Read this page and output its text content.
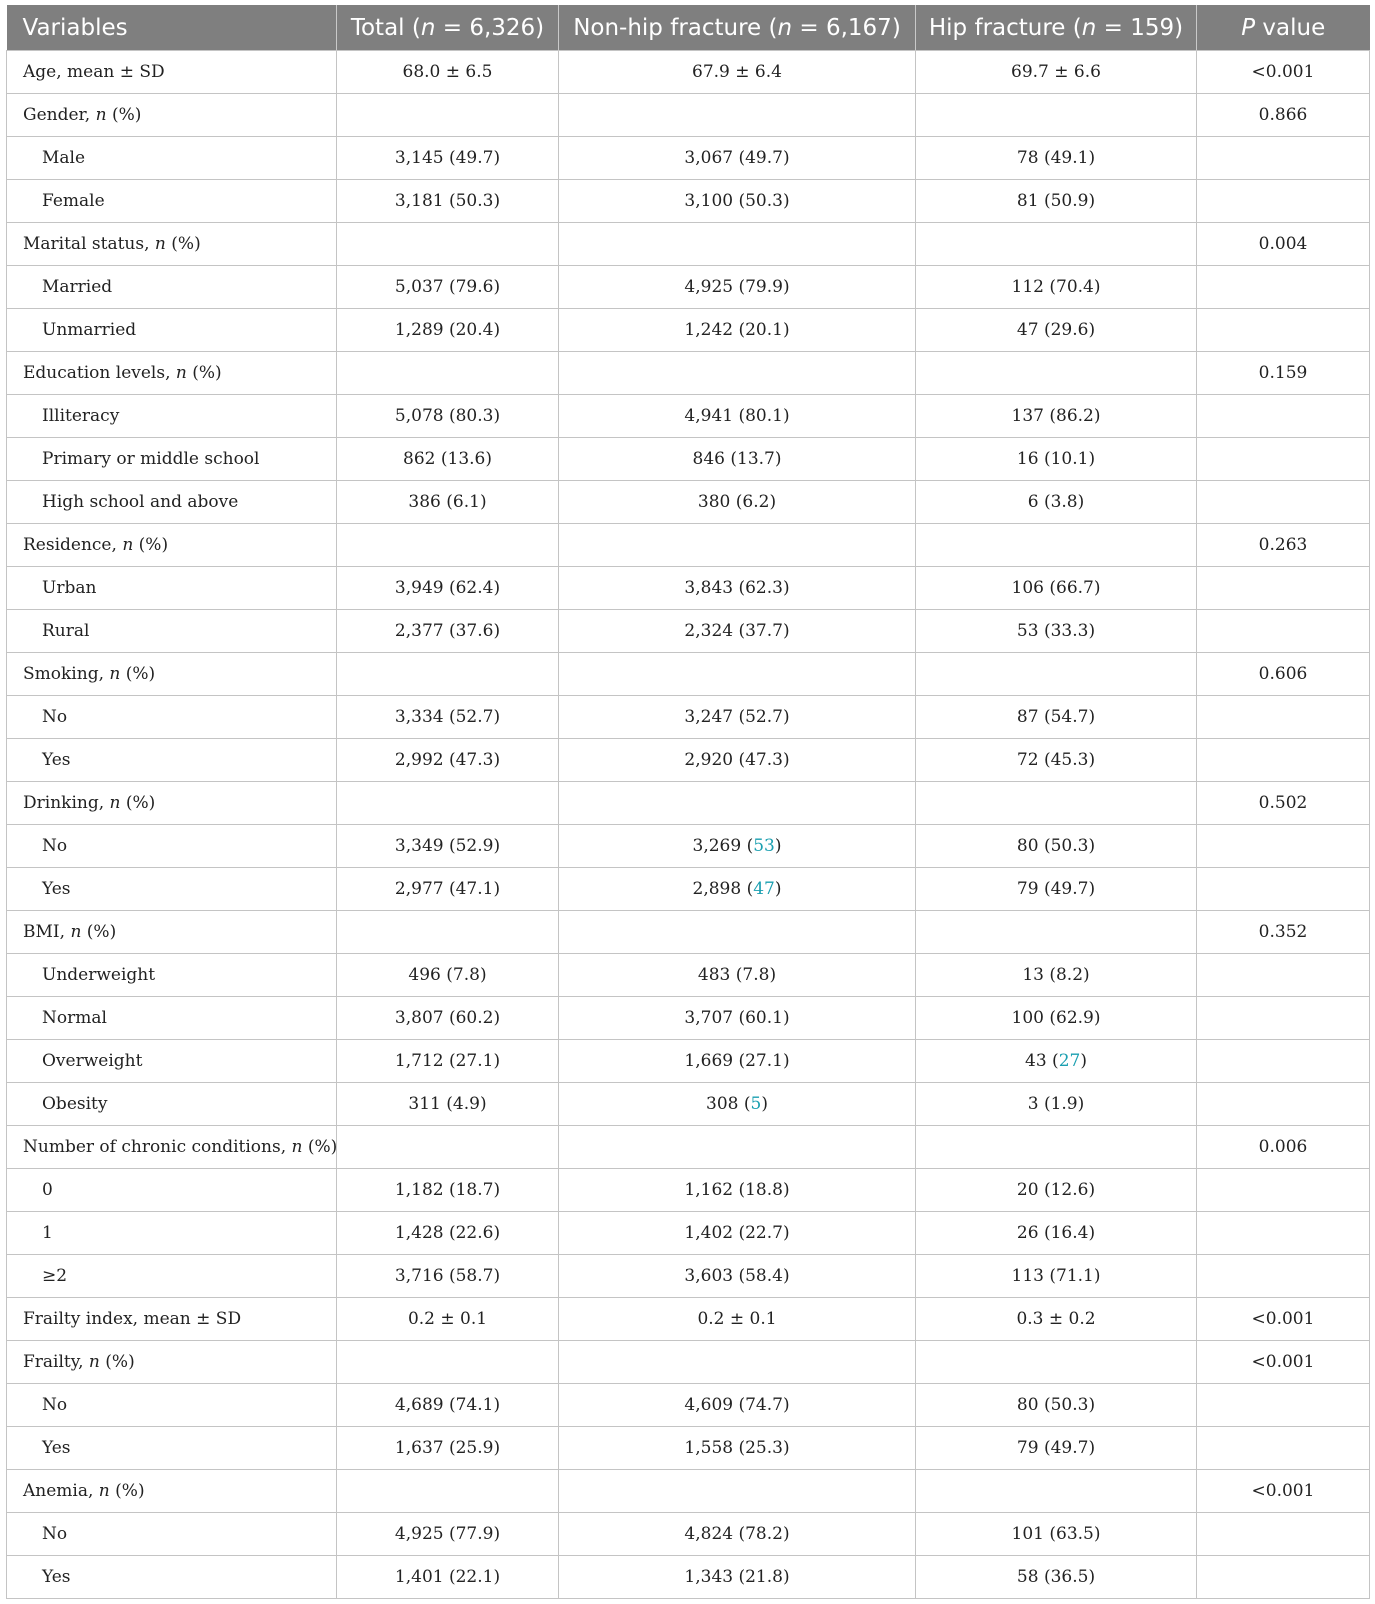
Variables	Total (n = 6,326)	Non-hip fracture (n = 6,167)	Hip fracture (n = 159)	P value
Age, mean ± SD	68.0 ± 6.5	67.9 ± 6.4	69.7 ± 6.6	<0.001
Gender, n (%)				0.866
Male	3,145 (49.7)	3,067 (49.7)	78 (49.1)	
Female	3,181 (50.3)	3,100 (50.3)	81 (50.9)	
Marital status, n (%)				0.004
Married	5,037 (79.6)	4,925 (79.9)	112 (70.4)	
Unmarried	1,289 (20.4)	1,242 (20.1)	47 (29.6)	
Education levels, n (%)				0.159
Illiteracy	5,078 (80.3)	4,941 (80.1)	137 (86.2)	
Primary or middle school	862 (13.6)	846 (13.7)	16 (10.1)	
High school and above	386 (6.1)	380 (6.2)	6 (3.8)	
Residence, n (%)				0.263
Urban	3,949 (62.4)	3,843 (62.3)	106 (66.7)	
Rural	2,377 (37.6)	2,324 (37.7)	53 (33.3)	
Smoking, n (%)				0.606
No	3,334 (52.7)	3,247 (52.7)	87 (54.7)	
Yes	2,992 (47.3)	2,920 (47.3)	72 (45.3)	
Drinking, n (%)				0.502
No	3,349 (52.9)	3,269 (53)	80 (50.3)	
Yes	2,977 (47.1)	2,898 (47)	79 (49.7)	
BMI, n (%)				0.352
Underweight	496 (7.8)	483 (7.8)	13 (8.2)	
Normal	3,807 (60.2)	3,707 (60.1)	100 (62.9)	
Overweight	1,712 (27.1)	1,669 (27.1)	43 (27)	
Obesity	311 (4.9)	308 (5)	3 (1.9)	
Number of chronic conditions, n (%)				0.006
0	1,182 (18.7)	1,162 (18.8)	20 (12.6)	
1	1,428 (22.6)	1,402 (22.7)	26 (16.4)	
≥2	3,716 (58.7)	3,603 (58.4)	113 (71.1)	
Frailty index, mean ± SD	0.2 ± 0.1	0.2 ± 0.1	0.3 ± 0.2	<0.001
Frailty, n (%)				<0.001
No	4,689 (74.1)	4,609 (74.7)	80 (50.3)	
Yes	1,637 (25.9)	1,558 (25.3)	79 (49.7)	
Anemia, n (%)				<0.001
No	4,925 (77.9)	4,824 (78.2)	101 (63.5)	
Yes	1,401 (22.1)	1,343 (21.8)	58 (36.5)	
